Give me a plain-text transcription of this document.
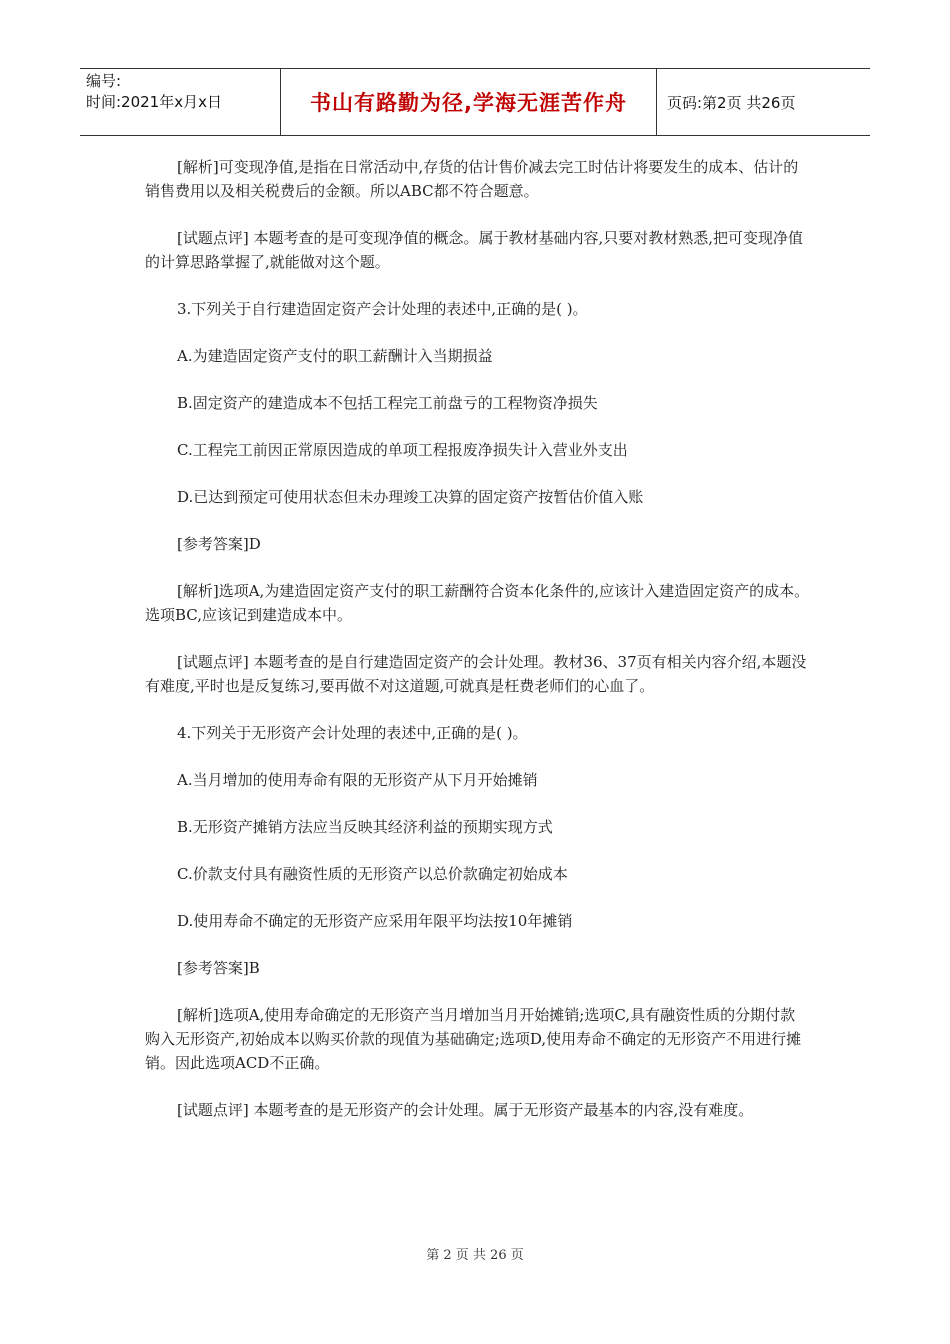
编号:
时间:2021年x月x日	书山有路勤为径,学海无涯苦作舟	页码:第2页 共26页

[解析]可变现净值,是指在日常活动中,存货的估计售价减去完工时估计将要发生的成本、估计的销售费用以及相关税费后的金额。所以ABC都不符合题意。

[试题点评] 本题考查的是可变现净值的概念。属于教材基础内容,只要对教材熟悉,把可变现净值的计算思路掌握了,就能做对这个题。

3.下列关于自行建造固定资产会计处理的表述中,正确的是( )。

A.为建造固定资产支付的职工薪酬计入当期损益

B.固定资产的建造成本不包括工程完工前盘亏的工程物资净损失

C.工程完工前因正常原因造成的单项工程报废净损失计入营业外支出

D.已达到预定可使用状态但未办理竣工决算的固定资产按暂估价值入账

[参考答案]D

[解析]选项A,为建造固定资产支付的职工薪酬符合资本化条件的,应该计入建造固定资产的成本。选项BC,应该记到建造成本中。

[试题点评] 本题考查的是自行建造固定资产的会计处理。教材36、37页有相关内容介绍,本题没有难度,平时也是反复练习,要再做不对这道题,可就真是枉费老师们的心血了。

4.下列关于无形资产会计处理的表述中,正确的是( )。

A.当月增加的使用寿命有限的无形资产从下月开始摊销

B.无形资产摊销方法应当反映其经济利益的预期实现方式

C.价款支付具有融资性质的无形资产以总价款确定初始成本

D.使用寿命不确定的无形资产应采用年限平均法按10年摊销

[参考答案]B

[解析]选项A,使用寿命确定的无形资产当月增加当月开始摊销;选项C,具有融资性质的分期付款购入无形资产,初始成本以购买价款的现值为基础确定;选项D,使用寿命不确定的无形资产不用进行摊销。因此选项ACD不正确。

[试题点评] 本题考查的是无形资产的会计处理。属于无形资产最基本的内容,没有难度。

第 2 页 共 26 页
